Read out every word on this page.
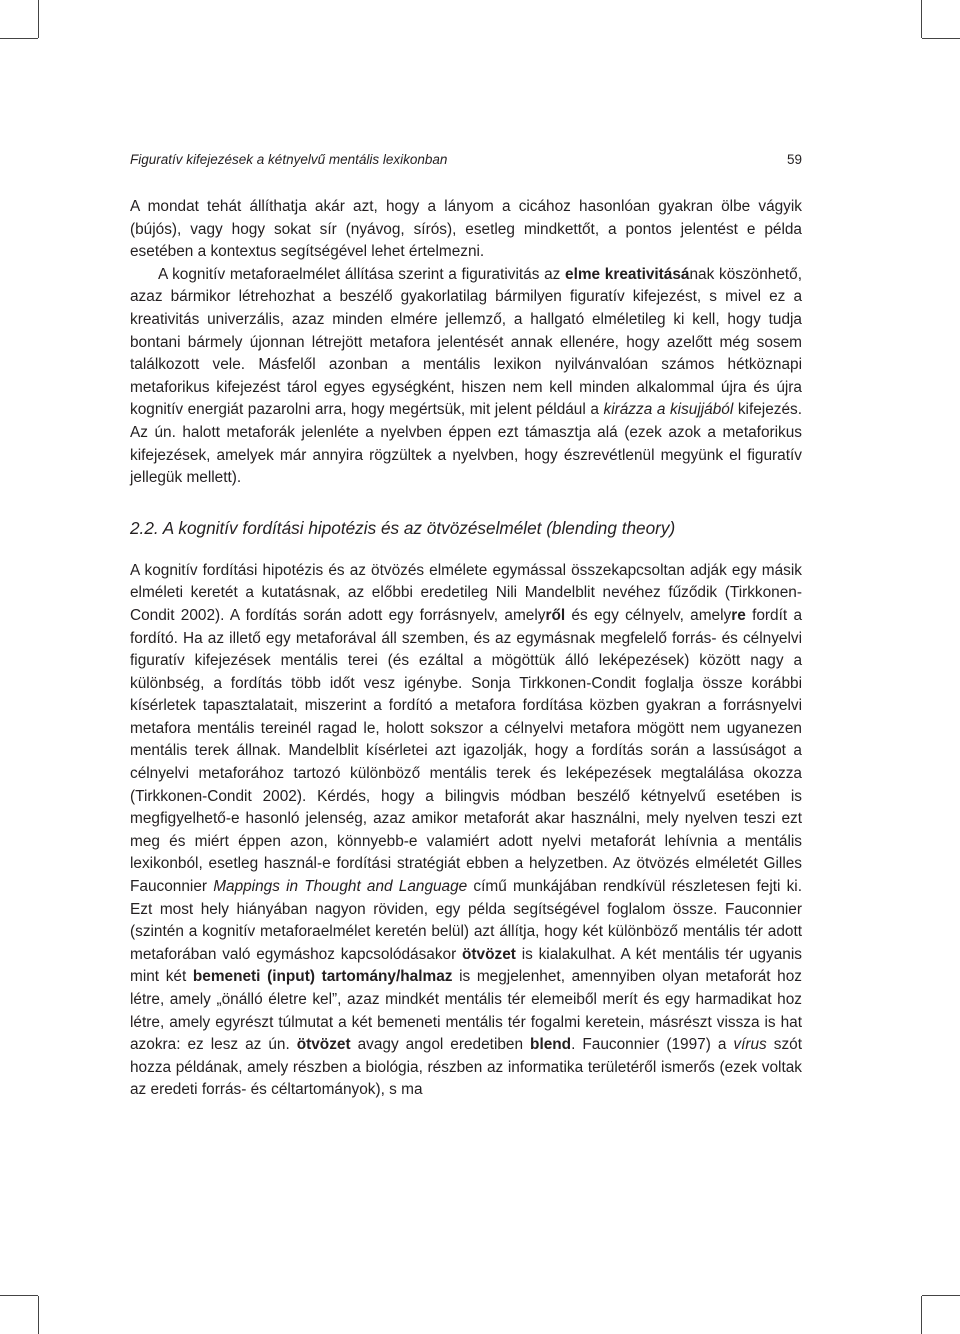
Figuratív kifejezések a kétnyelvű mentális lexikonban	59

A mondat tehát állíthatja akár azt, hogy a lányom a cicához hasonlóan gyakran ölbe vágyik (bújós), vagy hogy sokat sír (nyávog, sírós), esetleg mindkettőt, a pontos jelentést e példa esetében a kontextus segítségével lehet értelmezni.

A kognitív metaforaelmélet állítása szerint a figurativitás az elme kreativitásának köszönhető, azaz bármikor létrehozhat a beszélő gyakorlatilag bármilyen figuratív kifejezést, s mivel ez a kreativitás univerzális, azaz minden elmére jellemző, a hallgató elméletileg ki kell, hogy tudja bontani bármely újonnan létrejött metafora jelentését annak ellenére, hogy azelőtt még sosem találkozott vele. Másfelől azonban a mentális lexikon nyilvánvalóan számos hétköznapi metaforikus kifejezést tárol egyes egységként, hiszen nem kell minden alkalommal újra és újra kognitív energiát pazarolni arra, hogy megértsük, mit jelent például a kirázza a kisujjából kifejezés. Az ún. halott metaforák jelenléte a nyelvben éppen ezt támasztja alá (ezek azok a metaforikus kifejezések, amelyek már annyira rögzültek a nyelvben, hogy észrevétlenül megyünk el figuratív jellegük mellett).

2.2. A kognitív fordítási hipotézis és az ötvözéselmélet (blending theory)

A kognitív fordítási hipotézis és az ötvözés elmélete egymással összekapcsoltan adják egy másik elméleti keretét a kutatásnak, az előbbi eredetileg Nili Mandelblit nevéhez fűződik (Tirkkonen-Condit 2002). A fordítás során adott egy forrásnyelv, amelyről és egy célnyelv, amelyre fordít a fordító. Ha az illető egy metaforával áll szemben, és az egymásnak megfelelő forrás- és célnyelvi figuratív kifejezések mentális terei (és ezáltal a mögöttük álló leképezések) között nagy a különbség, a fordítás több időt vesz igénybe. Sonja Tirkkonen-Condit foglalja össze korábbi kísérletek tapasztalatait, miszerint a fordító a metafora fordítása közben gyakran a forrásnyelvi metafora mentális tereinél ragad le, holott sokszor a célnyelvi metafora mögött nem ugyanezen mentális terek állnak. Mandelblit kísérletei azt igazolják, hogy a fordítás során a lassúságot a célnyelvi metaforához tartozó különböző mentális terek és leképezések megtalálása okozza (Tirkkonen-Condit 2002). Kérdés, hogy a bilingvis módban beszélő kétnyelvű esetében is megfigyelhető-e hasonló jelenség, azaz amikor metaforát akar használni, mely nyelven teszi ezt meg és miért éppen azon, könnyebb-e valamiért adott nyelvi metaforát lehívnia a mentális lexikonból, esetleg használ-e fordítási stratégiát ebben a helyzetben. Az ötvözés elméletét Gilles Fauconnier Mappings in Thought and Language című munkájában rendkívül részletesen fejti ki. Ezt most hely hiányában nagyon röviden, egy példa segítségével foglalom össze. Fauconnier (szintén a kognitív metaforaelmélet keretén belül) azt állítja, hogy két különböző mentális tér adott metaforában való egymáshoz kapcsolódásakor ötvözet is kialakulhat. A két mentális tér ugyanis mint két bemeneti (input) tartomány/halmaz is megjelenhet, amennyiben olyan metaforát hoz létre, amely „önálló életre kel”, azaz mindkét mentális tér elemeiből merít és egy harmadikat hoz létre, amely egyrészt túlmutat a két bemeneti mentális tér fogalmi keretein, másrészt vissza is hat azokra: ez lesz az ún. ötvözet avagy angol eredetiben blend. Fauconnier (1997) a vírus szót hozza példának, amely részben a biológia, részben az informatika területéről ismerős (ezek voltak az eredeti forrás- és céltartományok), s ma
